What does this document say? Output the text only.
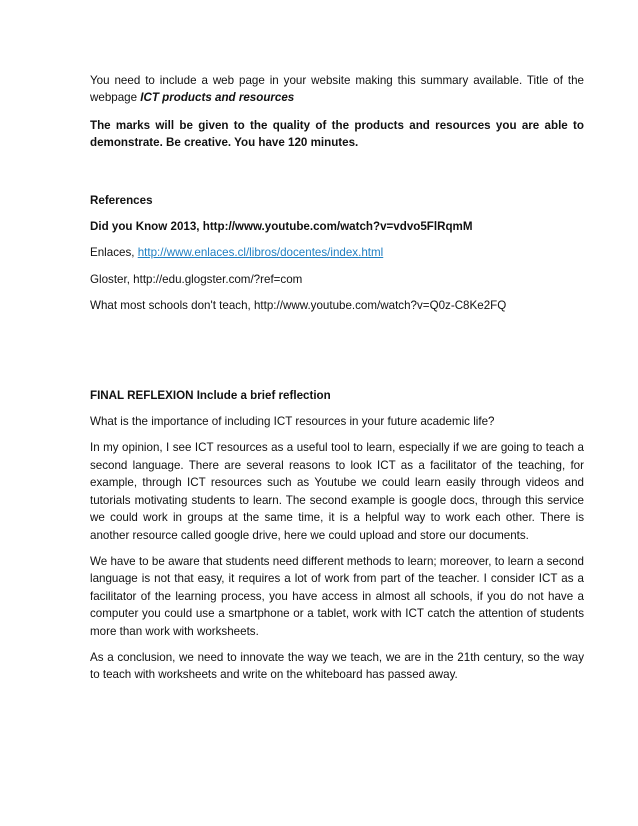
You need to include a web page in your website making this summary available. Title of the webpage ICT products and resources

The marks will be given to the quality of the products and resources you are able to demonstrate. Be creative. You have 120 minutes.

References

Did you Know 2013, http://www.youtube.com/watch?v=vdvo5FlRqmM

Enlaces, http://www.enlaces.cl/libros/docentes/index.html

Gloster, http://edu.glogster.com/?ref=com

What most schools don't teach, http://www.youtube.com/watch?v=Q0z-C8Ke2FQ

FINAL REFLEXION Include a brief reflection

What is the importance of including ICT resources in your future academic life?

In my opinion, I see ICT resources as a useful tool to learn, especially if we are going to teach a second language. There are several reasons to look ICT as a facilitator of the teaching, for example, through ICT resources such as Youtube we could learn easily through videos and tutorials motivating students to learn. The second example is google docs, through this service we could work in groups at the same time, it is a helpful way to work each other. There is another resource called google drive, here we could upload and store our documents.

We have to be aware that students need different methods to learn; moreover, to learn a second language is not that easy, it requires a lot of work from part of the teacher. I consider ICT as a facilitator of the learning process, you have access in almost all schools, if you do not have a computer you could use a smartphone or a tablet, work with ICT catch the attention of students more than work with worksheets.

As a conclusion, we need to innovate the way we teach, we are in the 21th century, so the way to teach with worksheets and write on the whiteboard has passed away.
